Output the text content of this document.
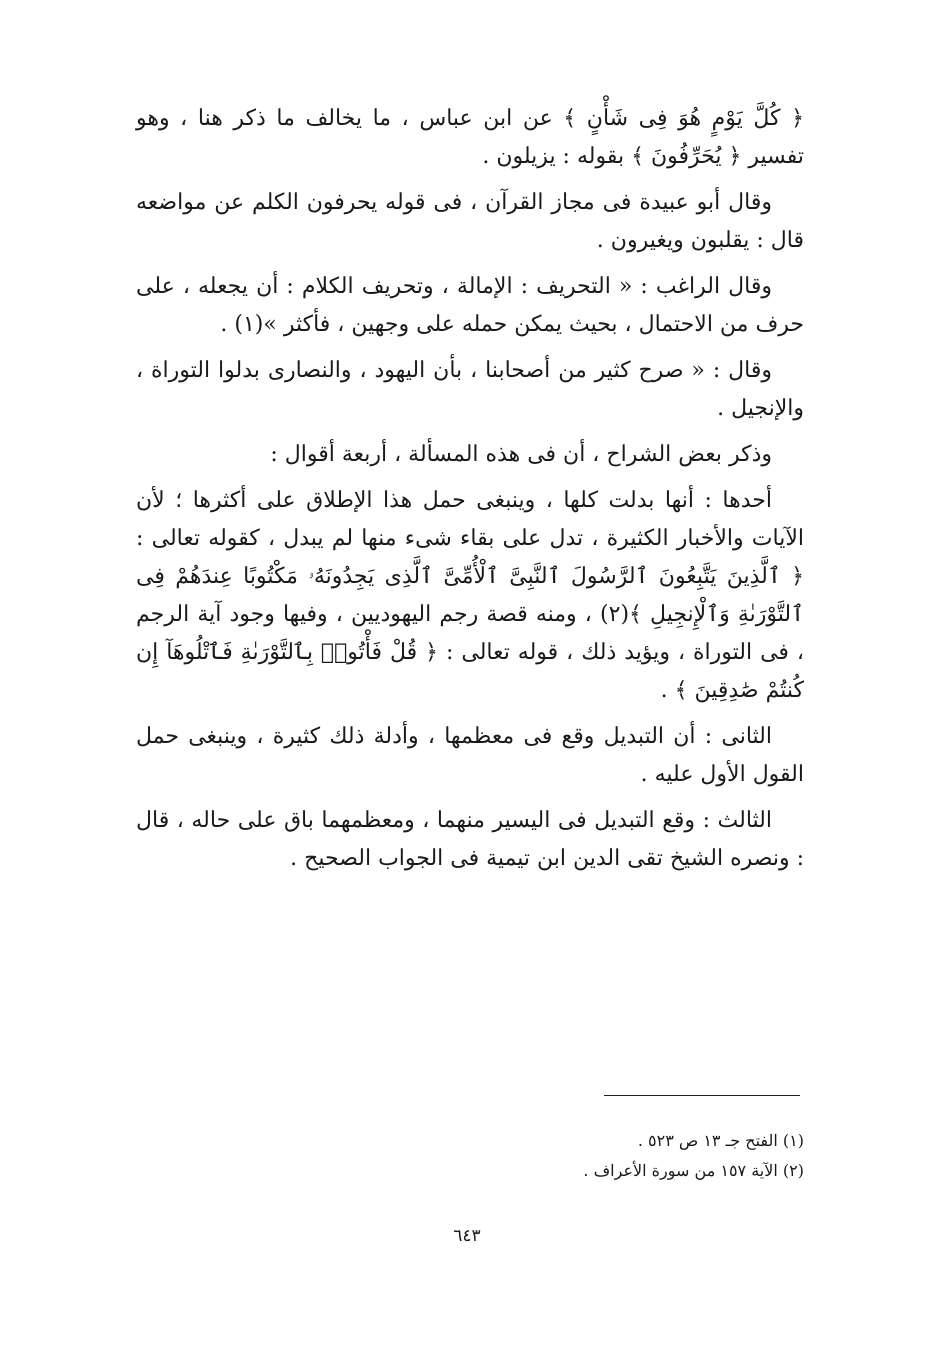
﴿ كُلَّ يَوْمٍ هُوَ فِى شَأْنٍ ﴾ عن ابن عباس ، ما يخالف ما ذكر هنا ، وهو تفسير ﴿ يُحَرِّفُونَ ﴾ بقوله : يزيلون .

وقال أبو عبيدة فى مجاز القرآن ، فى قوله يحرفون الكلم عن مواضعه قال : يقلبون ويغيرون .

وقال الراغب : « التحريف : الإمالة ، وتحريف الكلام : أن يجعله ، على حرف من الاحتمال ، بحيث يمكن حمله على وجهين ، فأكثر »(١) .

وقال : « صرح كثير من أصحابنا ، بأن اليهود ، والنصارى بدلوا التوراة ، والإنجيل .

وذكر بعض الشراح ، أن فى هذه المسألة ، أربعة أقوال :

أحدها : أنها بدلت كلها ، وينبغى حمل هذا الإطلاق على أكثرها ؛ لأن الآيات والأخبار الكثيرة ، تدل على بقاء شىء منها لم يبدل ، كقوله تعالى : ﴿ ٱلَّذِينَ يَتَّبِعُونَ ٱلرَّسُولَ ٱلنَّبِىَّ ٱلْأُمِّىَّ ٱلَّذِى يَجِدُونَهُۥ مَكْتُوبًا عِندَهُمْ فِى ٱلتَّوْرَىٰةِ وَٱلْإِنجِيلِ ﴾(٢) ، ومنه قصة رجم اليهوديين ، وفيها وجود آية الرجم ، فى التوراة ، ويؤيد ذلك ، قوله تعالى : ﴿ قُلْ فَأْتُوا۟ بِٱلتَّوْرَىٰةِ فَٱتْلُوهَآ إِن كُنتُمْ صَٰدِقِينَ ﴾ .

الثانى : أن التبديل وقع فى معظمها ، وأدلة ذلك كثيرة ، وينبغى حمل القول الأول عليه .

الثالث : وقع التبديل فى اليسير منهما ، ومعظمهما باق على حاله ، قال : ونصره الشيخ تقى الدين ابن تيمية فى الجواب الصحيح .

(١) الفتح جـ ١٣ ص ٥٢٣ .

(٢) الآية ١٥٧ من سورة الأعراف .

٦٤٣
